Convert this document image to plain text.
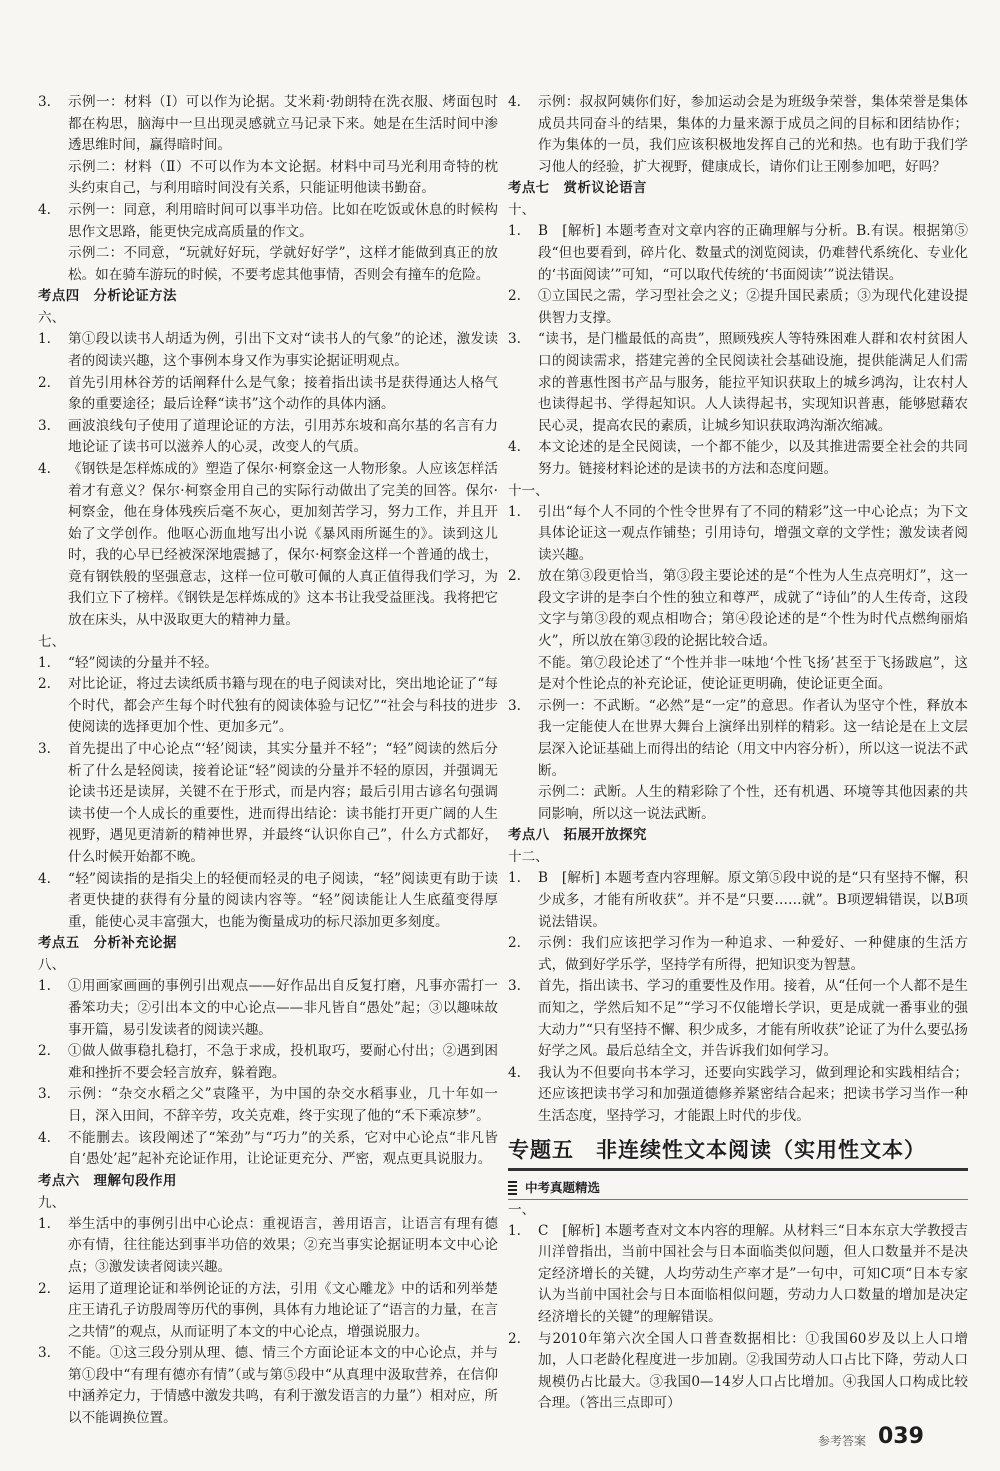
3.	示例一：材料（Ⅰ）可以作为论据。艾米莉·勃朗特在洗衣服、烤面包时都在构思，脑海中一旦出现灵感就立马记录下来。她是在生活时间中渗透思维时间，赢得暗时间。

示例二：材料（Ⅱ）不可以作为本文论据。材料中司马光利用奇特的枕头约束自己，与利用暗时间没有关系，只能证明他读书勤奋。

4.	示例一：同意，利用暗时间可以事半功倍。比如在吃饭或休息的时候构思作文思路，能更快完成高质量的作文。

示例二：不同意，“玩就好好玩，学就好好学”，这样才能做到真正的放松。如在骑车游玩的时候，不要考虑其他事情，否则会有撞车的危险。

考点四　分析论证方法
六、
1.	第①段以读书人胡适为例，引出下文对“读书人的气象”的论述，激发读者的阅读兴趣，这个事例本身又作为事实论据证明观点。
2.	首先引用林谷芳的话阐释什么是气象；接着指出读书是获得通达人格气象的重要途径；最后诠释“读书”这个动作的具体内涵。
3.	画波浪线句子使用了道理论证的方法，引用苏东坡和高尔基的名言有力地论证了读书可以滋养人的心灵，改变人的气质。
4.	《钢铁是怎样炼成的》塑造了保尔·柯察金这一人物形象。人应该怎样活着才有意义？保尔·柯察金用自己的实际行动做出了完美的回答。保尔·柯察金，他在身体残疾后毫不灰心，更加刻苦学习，努力工作，并且开始了文学创作。他呕心沥血地写出小说《暴风雨所诞生的》。读到这儿时，我的心早已经被深深地震撼了，保尔·柯察金这样一个普通的战士，竟有钢铁般的坚强意志，这样一位可敬可佩的人真正值得我们学习，为我们立下了榜样。《钢铁是怎样炼成的》这本书让我受益匪浅。我将把它放在床头，从中汲取更大的精神力量。
七、
1.	“轻”阅读的分量并不轻。
2.	对比论证，将过去读纸质书籍与现在的电子阅读对比，突出地论证了“每个时代，都会产生每个时代独有的阅读体验与记忆”“社会与科技的进步使阅读的选择更加个性、更加多元”。
3.	首先提出了中心论点“‘轻’阅读，其实分量并不轻”；“轻”阅读的然后分析了什么是轻阅读，接着论证“轻”阅读的分量并不轻的原因，并强调无论读书还是读屏，关键不在于形式，而是内容；最后引用古谚名句强调读书使一个人成长的重要性，进而得出结论：读书能打开更广阔的人生视野，遇见更清新的精神世界，并最终“认识你自己”，什么方式都好，什么时候开始都不晚。
4.	“轻”阅读指的是指尖上的轻便而轻灵的电子阅读，“轻”阅读更有助于读者更快捷的获得有分量的阅读内容等。“轻”阅读能让人生底蕴变得厚重，能使心灵丰富强大，也能为衡量成功的标尺添加更多刻度。
考点五　分析补充论据
八、
1.	①用画家画画的事例引出观点——好作品出自反复打磨，凡事亦需打一番笨功夫；②引出本文的中心论点——非凡皆自“愚处”起；③以趣味故事开篇，易引发读者的阅读兴趣。
2.	①做人做事稳扎稳打，不急于求成，投机取巧，要耐心付出；②遇到困难和挫折不要会轻言放弃，躲着跑。
3.	示例：“杂交水稻之父”袁隆平，为中国的杂交水稻事业，几十年如一日，深入田间，不辞辛劳，攻关克难，终于实现了他的“禾下乘凉梦”。
4.	不能删去。该段阐述了“笨劲”与“巧力”的关系，它对中心论点“非凡皆自‘愚处’起”起补充论证作用，让论证更充分、严密，观点更具说服力。
考点六　理解句段作用
九、
1.	举生活中的事例引出中心论点：重视语言，善用语言，让语言有理有德亦有情，往往能达到事半功倍的效果；②充当事实论据证明本文中心论点；③激发读者阅读兴趣。
2.	运用了道理论证和举例论证的方法，引用《文心雕龙》中的话和列举楚庄王请孔子访殷周等历代的事例，具体有力地论证了“语言的力量，在言之共情”的观点，从而证明了本文的中心论点，增强说服力。
3.	不能。①这三段分别从理、德、情三个方面论证本文的中心论点，并与第①段中“有理有德亦有情”（或与第⑤段中“从真理中汲取营养，在信仰中涵养定力，于情感中激发共鸣，有利于激发语言的力量”）相对应，所以不能调换位置。
4.	示例：叔叔阿姨你们好，参加运动会是为班级争荣誉，集体荣誉是集体成员共同奋斗的结果，集体的力量来源于成员之间的目标和团结协作；作为集体的一员，我们应该积极地发挥自己的光和热。也有助于我们学习他人的经验，扩大视野，健康成长，请你们让王刚参加吧，好吗？
考点七　赏析议论语言
十、
1.	B　[解析] 本题考查对文章内容的正确理解与分析。B.有误。根据第⑤段“但也要看到，碎片化、数量式的浏览阅读，仍难替代系统化、专业化的‘书面阅读’”可知，“可以取代传统的‘书面阅读’”说法错误。
2.	①立国民之需，学习型社会之义；②提升国民素质；③为现代化建设提供智力支撑。
3.	“读书，是门槛最低的高贵”，照顾残疾人等特殊困难人群和农村贫困人口的阅读需求，搭建完善的全民阅读社会基础设施，提供能满足人们需求的普惠性图书产品与服务，能拉平知识获取上的城乡鸿沟，让农村人也读得起书、学得起知识。人人读得起书，实现知识普惠，能够慰藉农民心灵，提高农民的素质，让城乡知识获取鸿沟渐次缩减。
4.	本文论述的是全民阅读，一个都不能少，以及其推进需要全社会的共同努力。链接材料论述的是读书的方法和态度问题。
十一、
1.	引出“每个人不同的个性令世界有了不同的精彩”这一中心论点；为下文具体论证这一观点作铺垫；引用诗句，增强文章的文学性；激发读者阅读兴趣。
2.	放在第③段更恰当，第③段主要论述的是“个性为人生点亮明灯”，这一段文字讲的是李白个性的独立和尊严，成就了“诗仙”的人生传奇，这段文字与第③段的观点相吻合；第④段论述的是“个性为时代点燃绚丽焰火”，所以放在第③段的论据比较合适。

不能。第⑦段论述了“个性并非一味地‘个性飞扬’甚至于飞扬跋扈”，这是对个性论点的补充论证，使论证更明确，使论证更全面。

3.	示例一：不武断。“必然”是“一定”的意思。作者认为坚守个性，释放本我一定能使人在世界大舞台上演绎出别样的精彩。这一结论是在上文层层深入论证基础上而得出的结论（用文中内容分析），所以这一说法不武断。

示例二：武断。人生的精彩除了个性，还有机遇、环境等其他因素的共同影响，所以这一说法武断。

考点八　拓展开放探究
十二、
1.	B　[解析] 本题考查内容理解。原文第⑤段中说的是“只有坚持不懈，积少成多，才能有所收获”。并不是“只要……就”。B项逻辑错误，以B项说法错误。
2.	示例：我们应该把学习作为一种追求、一种爱好、一种健康的生活方式，做到好学乐学，坚持学有所得，把知识变为智慧。
3.	首先，指出读书、学习的重要性及作用。接着，从“任何一个人都不是生而知之，学然后知不足”“学习不仅能增长学识，更是成就一番事业的强大动力”“只有坚持不懈、积少成多，才能有所收获”论证了为什么要弘扬好学之风。最后总结全文，并告诉我们如何学习。
4.	我认为不但要向书本学习，还要向实践学习，做到理论和实践相结合；还应该把读书学习和加强道德修养紧密结合起来；把读书学习当作一种生活态度，坚持学习，才能跟上时代的步伐。
专题五　非连续性文本阅读（实用性文本）
中考真题精选
一、
1.	C　[解析] 本题考查对文本内容的理解。从材料三“日本东京大学教授吉川洋曾指出，当前中国社会与日本面临类似问题，但人口数量并不是决定经济增长的关键，人均劳动生产率才是”一句中，可知C项“日本专家认为当前中国社会与日本面临相似问题，劳动力人口数量的增加是决定经济增长的关键”的理解错误。
2.	与2010年第六次全国人口普查数据相比：①我国60岁及以上人口增加，人口老龄化程度进一步加剧。②我国劳动人口占比下降，劳动人口规模仍占比最大。③我国0—14岁人口占比增加。④我国人口构成比较合理。（答出三点即可）
参考答案 039
